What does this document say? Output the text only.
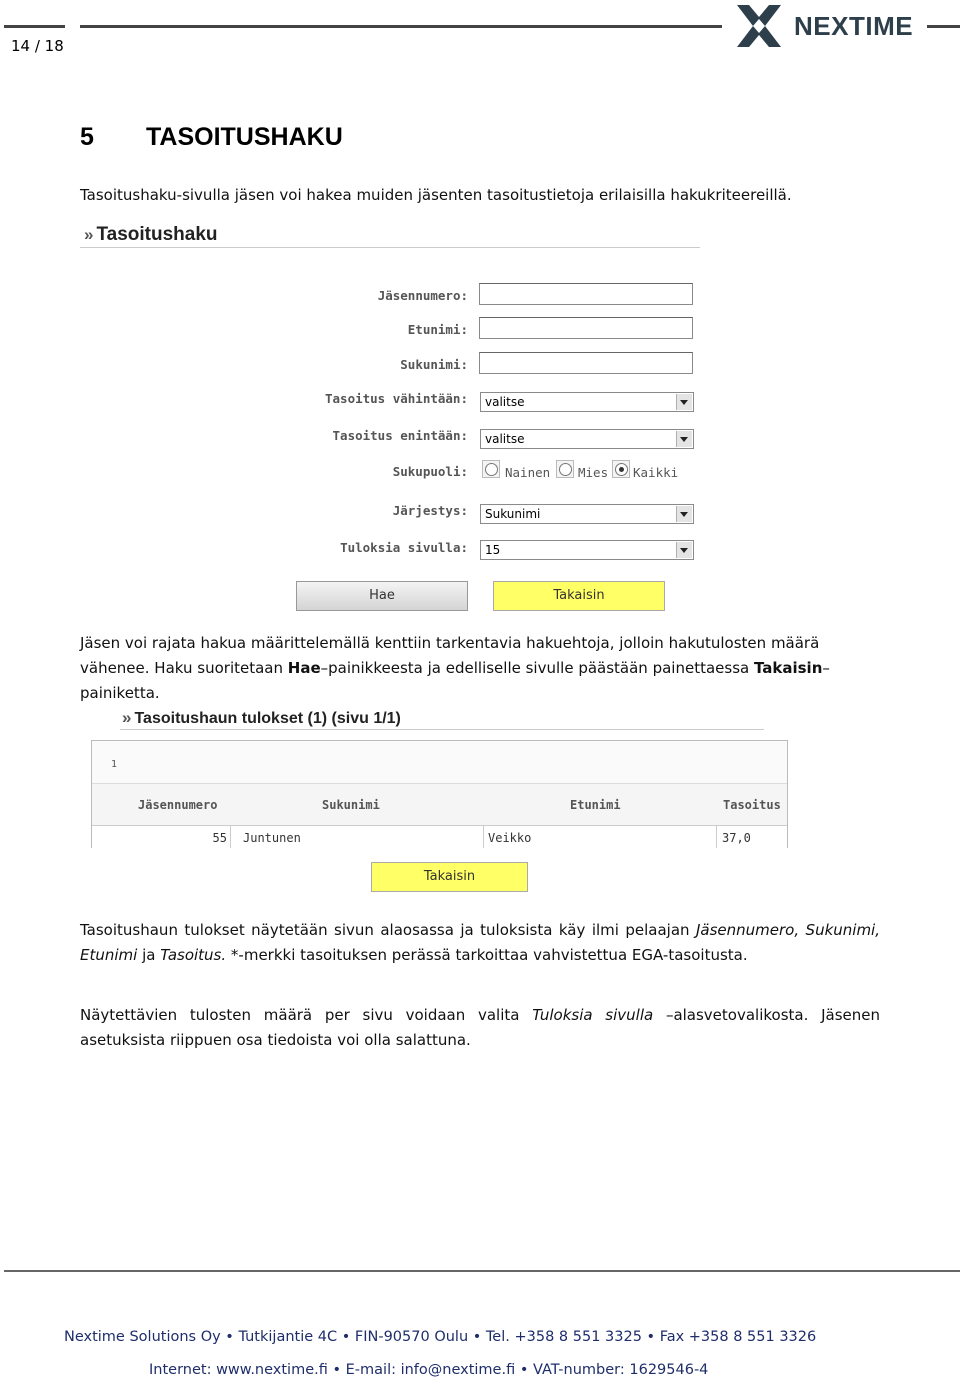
14 / 18
NEXTIME
5 TASOITUSHAKU
Tasoitushaku-sivulla jäsen voi hakea muiden jäsenten tasoitustietoja erilaisilla hakukriteereillä.
» Tasoitushaku
Jäsennumero:
Etunimi:
Sukunimi:
Tasoitus vähintään:	valitse
Tasoitus enintään:	valitse
Sukupuoli:	Nainen Mies Kaikki
Järjestys:	Sukunimi
Tuloksia sivulla:	15
Hae	Takaisin
Jäsen voi rajata hakua määrittelemällä kenttiin tarkentavia hakuehtoja, jolloin hakutulosten määrä
vähenee. Haku suoritetaan Hae–painikkeesta ja edelliselle sivulle päästään painettaessa Takaisin–
painiketta.
» Tasoitushaun tulokset (1) (sivu 1/1)
1
Jäsennumero	Sukunimi	Etunimi	Tasoitus
55 Juntunen	Veikko	37,0
Takaisin
Tasoitushaun tulokset näytetään sivun alaosassa ja tuloksista käy ilmi pelaajan Jäsennumero, Sukunimi, Etunimi ja Tasoitus. *-merkki tasoituksen perässä tarkoittaa vahvistettua EGA-tasoitusta.
Näytettävien tulosten määrä per sivu voidaan valita Tuloksia sivulla –alasvetovalikosta. Jäsenen asetuksista riippuen osa tiedoista voi olla salattuna.
Nextime Solutions Oy • Tutkijantie 4C • FIN-90570 Oulu • Tel. +358 8 551 3325 • Fax +358 8 551 3326
Internet: www.nextime.fi • E-mail: info@nextime.fi • VAT-number: 1629546-4
